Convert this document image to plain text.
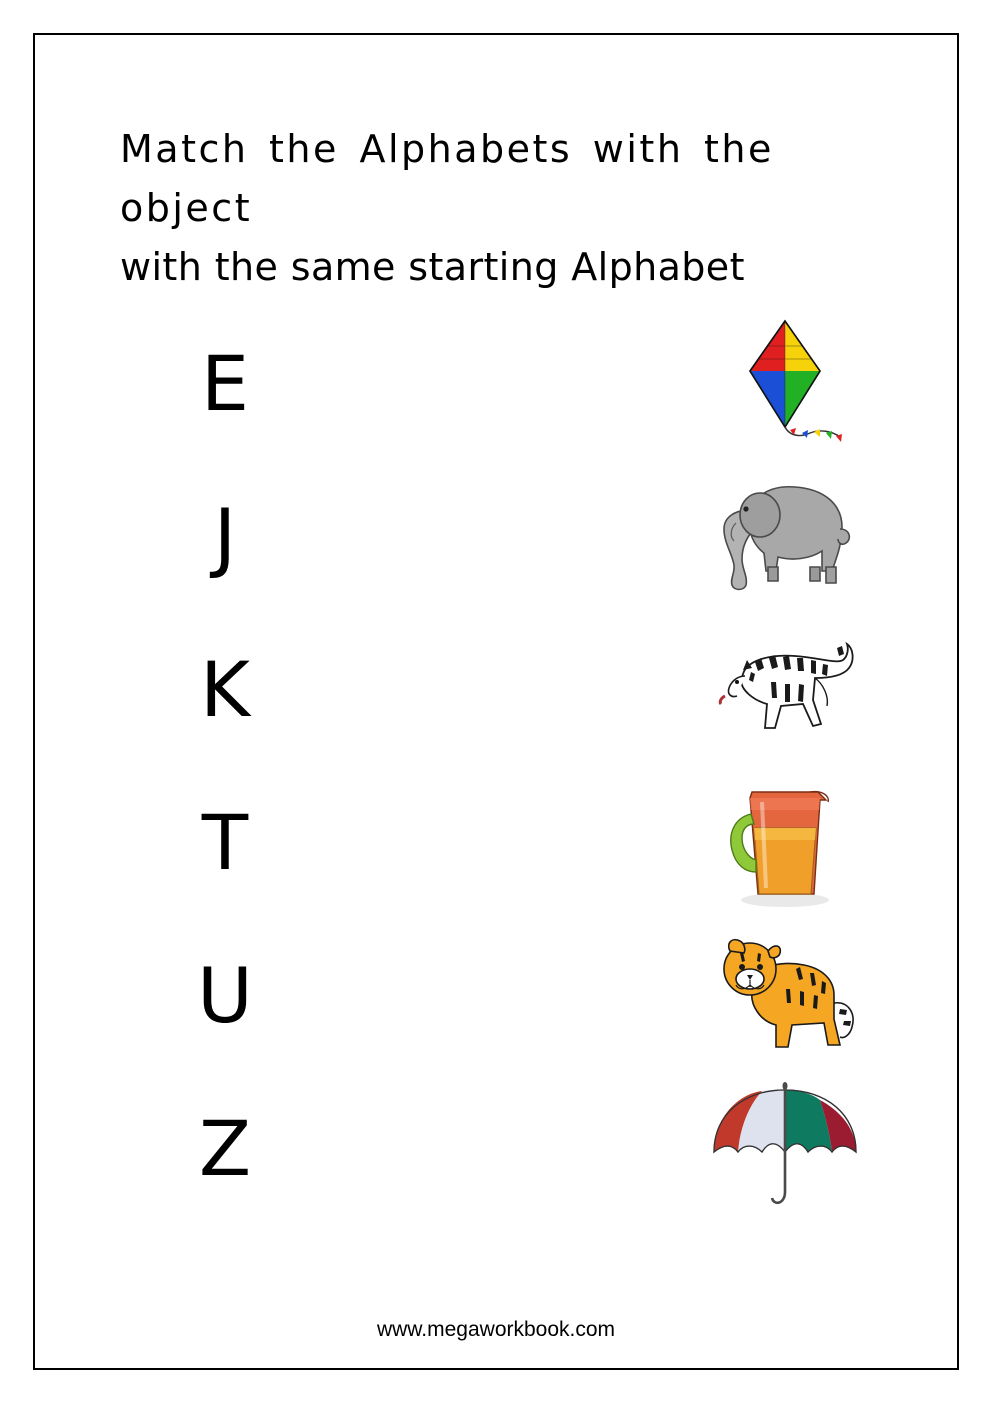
Match the Alphabets with the object
with the same starting Alphabet
E
J
K
T
U
Z
www.megaworkbook.com
